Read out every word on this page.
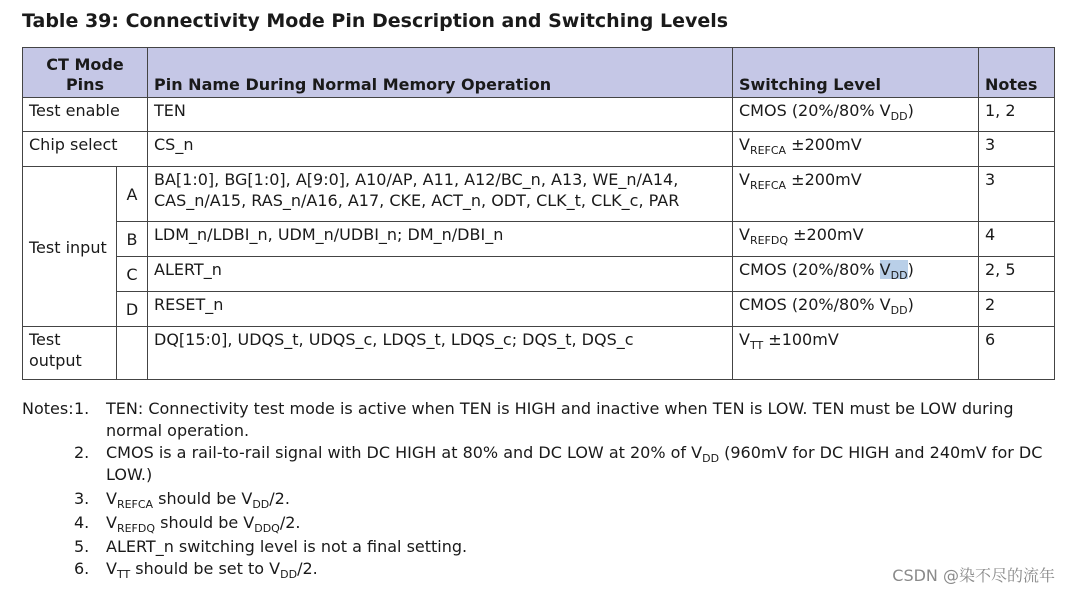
Table 39: Connectivity Mode Pin Description and Switching Levels
CT Mode Pins		Pin Name During Normal Memory Operation	Switching Level	Notes
Test enable		TEN	CMOS (20%/80% $V_{DD}$)	1, 2
Chip select		CS_n	$V_{REFCA} \pm 200mV$	3
Test input	A	BA[1:0], BG[1:0], A[9:0], A10/AP, A11, A12/BC_n, A13, WE_n/A14,
CAS_n/A15, RAS_n/A16, A17, CKE, ACT_n, ODT, CLK_t, CLK_c, PAR	$V_{REFCA} \pm 200mV$	3
	B	LDM_n/LDBI_n, UDM_n/UDBI_n; DM_n/DBI_n	$V_{REFDQ} \pm 200mV$	4
	C	ALERT_n	CMOS (20%/80% $V_{DD}$)	2, 5
	D	RESET_n	CMOS (20%/80% $V_{DD}$)	2
Test output		DQ[15:0], UDQS_t, UDQS_c, LDQS_t, LDQS_c; DQS_t, DQS_c	$V_{TT} \pm 100mV$	6
Notes: 1.	TEN: Connectivity test mode is active when TEN is HIGH and inactive when TEN is LOW. TEN must be LOW during normal operation.
2.	CMOS is a rail-to-rail signal with DC HIGH at 80% and DC LOW at 20% of $V_{DD}$ (960mV for DC HIGH and 240mV for DC LOW.)
3.	$V_{REFCA}$ should be $V_{DD}/2$.
4.	$V_{REFDQ}$ should be $V_{DDQ}/2$.
5.	ALERT_n switching level is not a final setting.
6.	$V_{TT}$ should be set to $V_{DD}/2$.	CSDN @染不尽的流年
